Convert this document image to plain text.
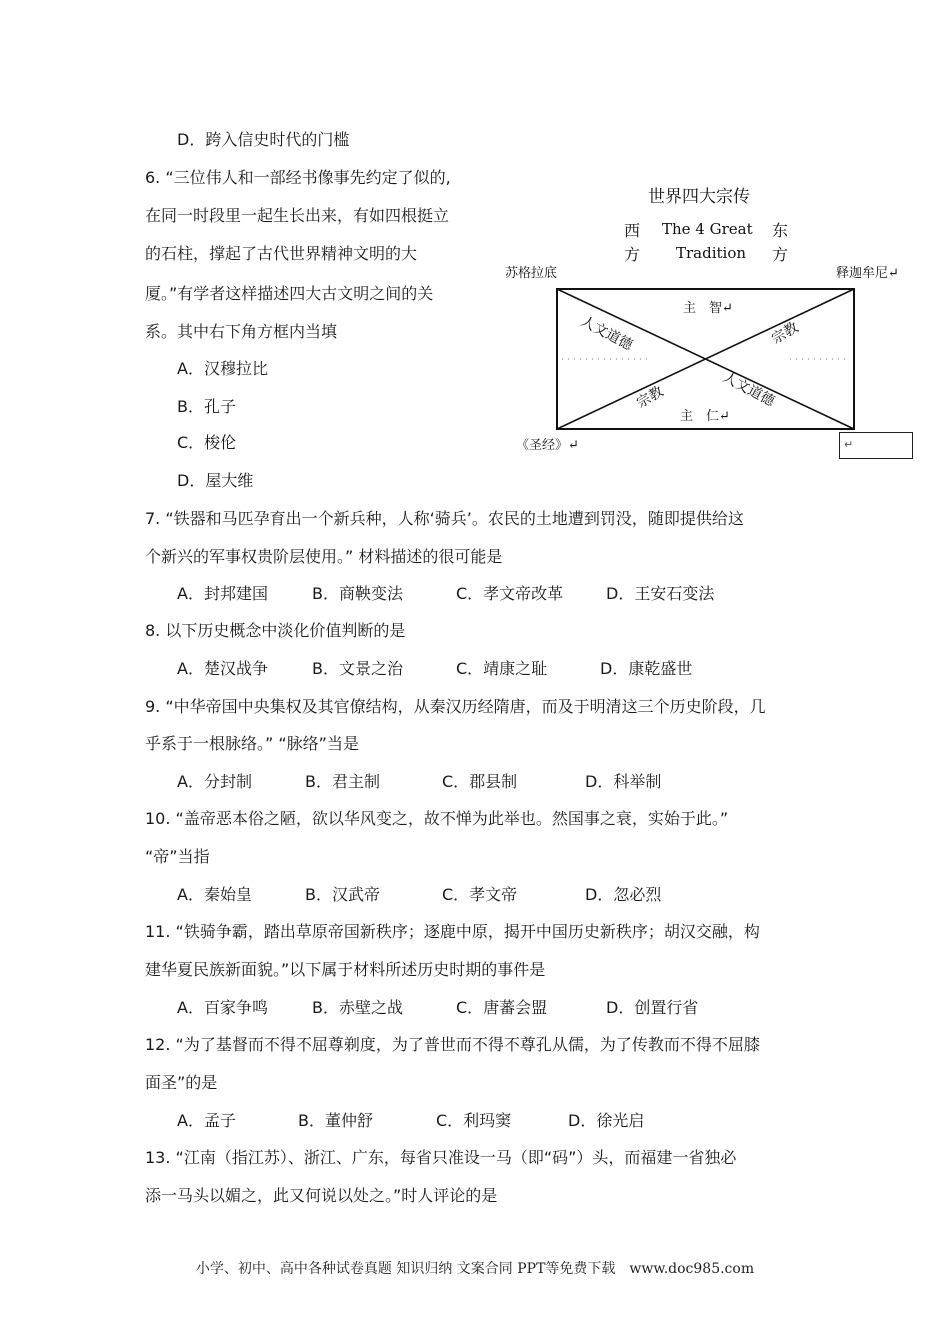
D．跨入信史时代的门槛
6. “三位伟人和一部经书像事先约定了似的,
在同一时段里一起生长出来，有如四根挺立
的石柱，撑起了古代世界精神文明的大
厦。”有学者这样描述四大古文明之间的关
系。其中右下角方框内当填
A．汉穆拉比
B．孔子
C．梭伦
D．屋大维
世界四大宗传
西
方
The 4 Great
Tradition
东
方
苏格拉底	释迦牟尼↵
《圣经》↵
主　智↵
主　仁↵
人文道德	宗教
宗教	人文道德
↵
7. “铁器和马匹孕育出一个新兵种，人称‘骑兵’。农民的土地遭到罚没，随即提供给这
个新兴的军事权贵阶层使用。” 材料描述的很可能是
A．封邦建国	B．商鞅变法	C．孝文帝改革	D．王安石变法
8. 以下历史概念中淡化价值判断的是
A．楚汉战争	B．文景之治	C．靖康之耻	D．康乾盛世
9. “中华帝国中央集权及其官僚结构，从秦汉历经隋唐，而及于明清这三个历史阶段，几
乎系于一根脉络。” “脉络”当是
A．分封制	B．君主制	C．郡县制	D．科举制
10. “盖帝恶本俗之陋，欲以华风变之，故不惮为此举也。然国事之衰，实始于此。”
“帝”当指
A．秦始皇	B．汉武帝	C．孝文帝	D．忽必烈
11. “铁骑争霸，踏出草原帝国新秩序；逐鹿中原，揭开中国历史新秩序；胡汉交融，构
建华夏民族新面貌。”以下属于材料所述历史时期的事件是
A．百家争鸣	B．赤壁之战	C．唐蕃会盟	D．创置行省
12. “为了基督而不得不屈尊剃度，为了普世而不得不尊孔从儒，为了传教而不得不屈膝
面圣”的是
A．孟子	B．董仲舒	C．利玛窦	D．徐光启
13. “江南（指江苏）、浙江、广东，每省只准设一马（即“码”）头，而福建一省独必
添一马头以媚之，此又何说以处之。”时人评论的是
小学、初中、高中各种试卷真题 知识归纳 文案合同 PPT等免费下载　www.doc985.com
